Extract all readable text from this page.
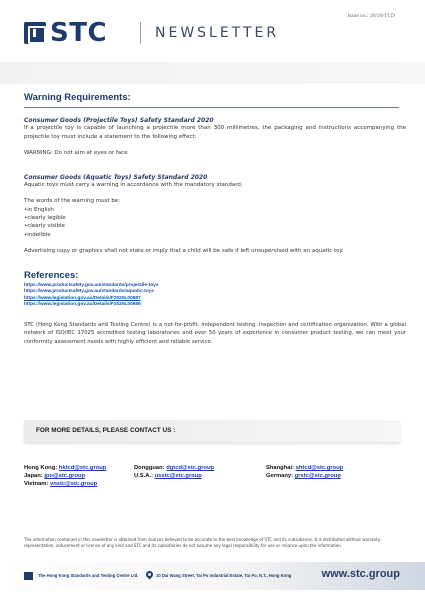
STC	NEWSLETTER
Issue no.: 20/20/TCD
Warning Requirements:
Consumer Goods (Projectile Toys) Safety Standard 2020

If a projectile toy is capable of launching a projectile more than 300 millimetres, the packaging and instructions accompanying the projectile toy must include a statement to the following effect:

WARNING: Do not aim at eyes or face

Consumer Goods (Aquatic Toys) Safety Standard 2020

Aquatic toys must carry a warning in accordance with the mandatory standard.

The words of the warning must be:

• in English
• clearly legible
• clearly visible
• indelible

Advertising copy or graphics shall not state or imply that a child will be safe if left unsupervised with an aquatic toy.

References:
https://www.productsafety.gov.au/standards/projectile-toys
https://www.productsafety.gov.au/standards/aquatic-toys
https://www.legislation.gov.au/Details/F2020L00687
https://www.legislation.gov.au/Details/F2020L00686

STC (Hong Kong Standards and Testing Centre) is a not-for-profit, independent testing, inspection and certification organization. With a global network of ISO/IEC 17025 accredited testing laboratories and over 50 years of experience in consumer product testing, we can meet your conformity assessment needs with highly efficient and reliable service.

FOR MORE DETAILS, PLEASE CONTACT US :
Hong Kong: hktcd@stc.group	Dongguan: dgtcd@stc.group	Shanghai: shtcd@stc.group
Japan: jpo@stc.group	U.S.A.: usstc@stc.group	Germany: grstc@stc.group
Vietnam: vnstc@stc.group
The information contained in this newsletter is obtained from sources believed to be accurate to the best knowledge of STC and its subsidiaries. It is distributed without warranty, representation, inducement or license of any kind and STC and its subsidiaries do not assume any legal responsibility for use or reliance upon the information.
The Hong Kong Standards and Testing Centre Ltd.	10 Dai Wang Street, Tai Po Industrial Estate, Tai Po, N.T., Hong Kong	www.stc.group
